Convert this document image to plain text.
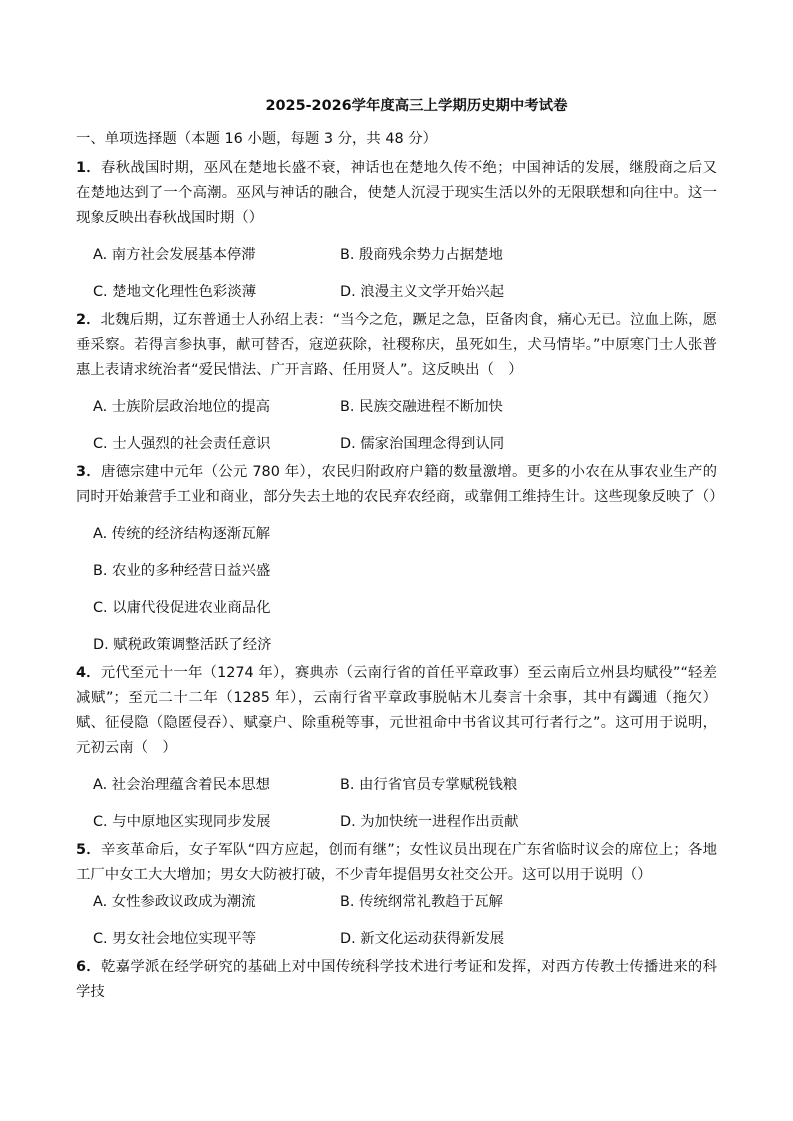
2025-2026学年度高三上学期历史期中考试卷
一、单项选择题（本题 16 小题，每题 3 分，共 48 分）

1．春秋战国时期，巫风在楚地长盛不衰，神话也在楚地久传不绝；中国神话的发展，继殷商之后又在楚地达到了一个高潮。巫风与神话的融合，使楚人沉浸于现实生活以外的无限联想和向往中。这一现象反映出春秋战国时期（）

A. 南方社会发展基本停滞	B. 殷商残余势力占据楚地
C. 楚地文化理性色彩淡薄	D. 浪漫主义文学开始兴起

2．北魏后期，辽东普通士人孙绍上表：“当今之危，蹶足之急，臣备肉食，痛心无已。泣血上陈，愿垂采察。若得言参执事，献可替否，寇逆荻除，社稷称庆，虽死如生，犬马情毕。”中原寒门士人张普惠上表请求统治者“爱民惜法、广开言路、任用贤人”。这反映出（　）

A. 士族阶层政治地位的提高	B. 民族交融进程不断加快
C. 士人强烈的社会责任意识	D. 儒家治国理念得到认同

3．唐德宗建中元年（公元 780 年），农民归附政府户籍的数量激增。更多的小农在从事农业生产的同时开始兼营手工业和商业，部分失去土地的农民弃农经商，或靠佣工维持生计。这些现象反映了（）

A. 传统的经济结构逐渐瓦解
B. 农业的多种经营日益兴盛
C. 以庸代役促进农业商品化
D. 赋税政策调整活跃了经济

4．元代至元十一年（1274 年），赛典赤（云南行省的首任平章政事）至云南后立州县均赋役”“轻差减赋”；至元二十二年（1285 年），云南行省平章政事脱帖木儿奏言十余事，其中有蠲逋（拖欠）赋、征侵隐（隐匿侵吞）、赋豪户、除重税等事，元世祖命中书省议其可行者行之”。这可用于说明，元初云南（　）

A. 社会治理蕴含着民本思想	B. 由行省官员专掌赋税钱粮
C. 与中原地区实现同步发展	D. 为加快统一进程作出贡献

5．辛亥革命后，女子军队“四方应起，创而有继”；女性议员出现在广东省临时议会的席位上；各地工厂中女工大大增加；男女大防被打破，不少青年提倡男女社交公开。这可以用于说明（）

A. 女性参政议政成为潮流	B. 传统纲常礼教趋于瓦解
C. 男女社会地位实现平等	D. 新文化运动获得新发展

6．乾嘉学派在经学研究的基础上对中国传统科学技术进行考证和发挥，对西方传教士传播进来的科学技
